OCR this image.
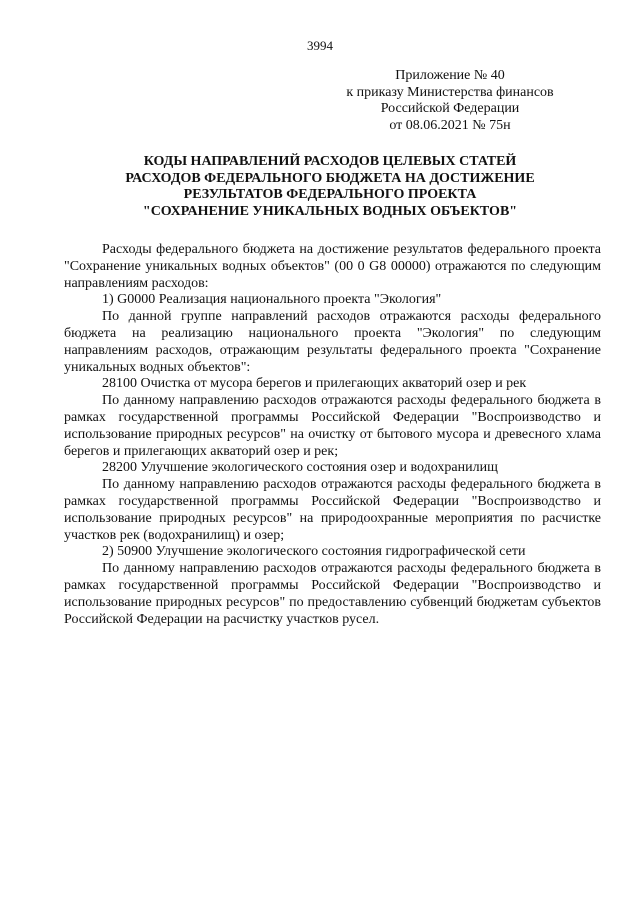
3994
Приложение № 40
к приказу Министерства финансов
Российской Федерации
от 08.06.2021 № 75н
КОДЫ НАПРАВЛЕНИЙ РАСХОДОВ ЦЕЛЕВЫХ СТАТЕЙ
РАСХОДОВ ФЕДЕРАЛЬНОГО БЮДЖЕТА НА ДОСТИЖЕНИЕ
РЕЗУЛЬТАТОВ ФЕДЕРАЛЬНОГО ПРОЕКТА
"СОХРАНЕНИЕ УНИКАЛЬНЫХ ВОДНЫХ ОБЪЕКТОВ"

Расходы федерального бюджета на достижение результатов федерального проекта "Сохранение уникальных водных объектов" (00 0 G8 00000) отражаются по следующим направлениям расходов:

1) G0000 Реализация национального проекта "Экология"

По данной группе направлений расходов отражаются расходы федерального бюджета на реализацию национального проекта "Экология" по следующим направлениям расходов, отражающим результаты федерального проекта "Сохранение уникальных водных объектов":

28100 Очистка от мусора берегов и прилегающих акваторий озер и рек

По данному направлению расходов отражаются расходы федерального бюджета в рамках государственной программы Российской Федерации "Воспроизводство и использование природных ресурсов" на очистку от бытового мусора и древесного хлама берегов и прилегающих акваторий озер и рек;

28200 Улучшение экологического состояния озер и водохранилищ

По данному направлению расходов отражаются расходы федерального бюджета в рамках государственной программы Российской Федерации "Воспроизводство и использование природных ресурсов" на природоохранные мероприятия по расчистке участков рек (водохранилищ) и озер;

2) 50900 Улучшение экологического состояния гидрографической сети

По данному направлению расходов отражаются расходы федерального бюджета в рамках государственной программы Российской Федерации "Воспроизводство и использование природных ресурсов" по предоставлению субвенций бюджетам субъектов Российской Федерации на расчистку участков русел.
